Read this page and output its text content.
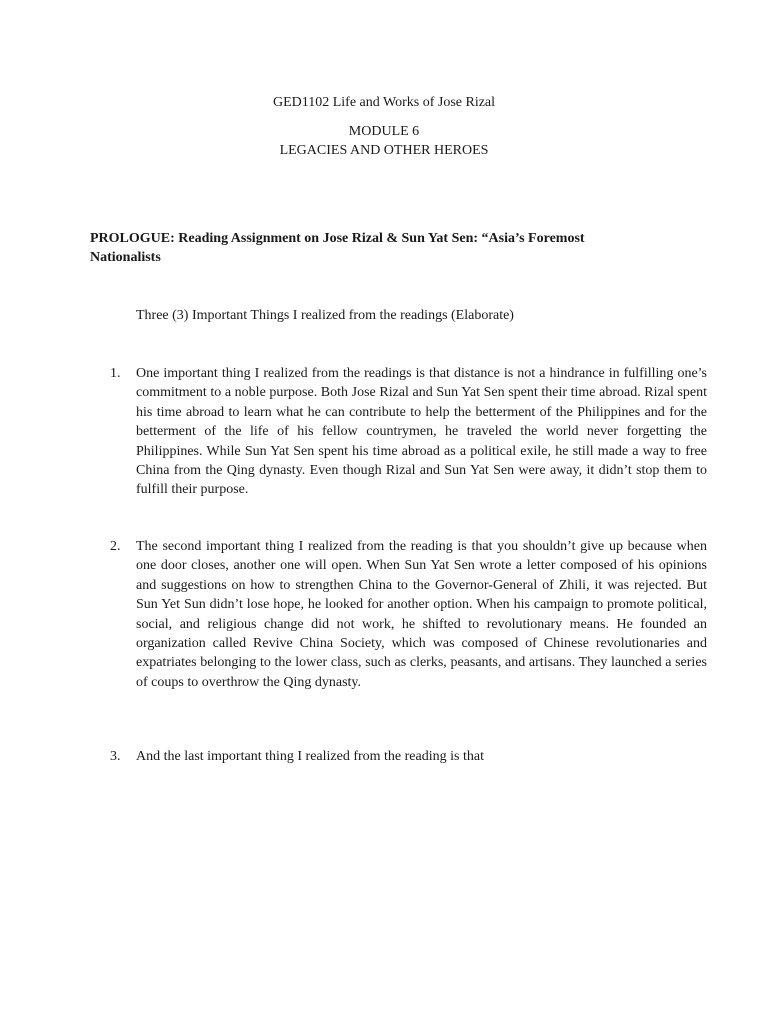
GED1102 Life and Works of Jose Rizal
MODULE 6
LEGACIES AND OTHER HEROES
PROLOGUE: Reading Assignment on Jose Rizal & Sun Yat Sen: “Asia’s Foremost Nationalists
Three (3) Important Things I realized from the readings (Elaborate)
1.	One important thing I realized from the readings is that distance is not a hindrance in fulfilling one’s commitment to a noble purpose. Both Jose Rizal and Sun Yat Sen spent their time abroad. Rizal spent his time abroad to learn what he can contribute to help the betterment of the Philippines and for the betterment of the life of his fellow countrymen, he traveled the world never forgetting the Philippines. While Sun Yat Sen spent his time abroad as a political exile, he still made a way to free China from the Qing dynasty. Even though Rizal and Sun Yat Sen were away, it didn’t stop them to fulfill their purpose.
2.	The second important thing I realized from the reading is that you shouldn’t give up because when one door closes, another one will open. When Sun Yat Sen wrote a letter composed of his opinions and suggestions on how to strengthen China to the Governor-General of Zhili, it was rejected. But Sun Yet Sun didn’t lose hope, he looked for another option. When his campaign to promote political, social, and religious change did not work, he shifted to revolutionary means. He founded an organization called Revive China Society, which was composed of Chinese revolutionaries and expatriates belonging to the lower class, such as clerks, peasants, and artisans. They launched a series of coups to overthrow the Qing dynasty.
3.	And the last important thing I realized from the reading is that
